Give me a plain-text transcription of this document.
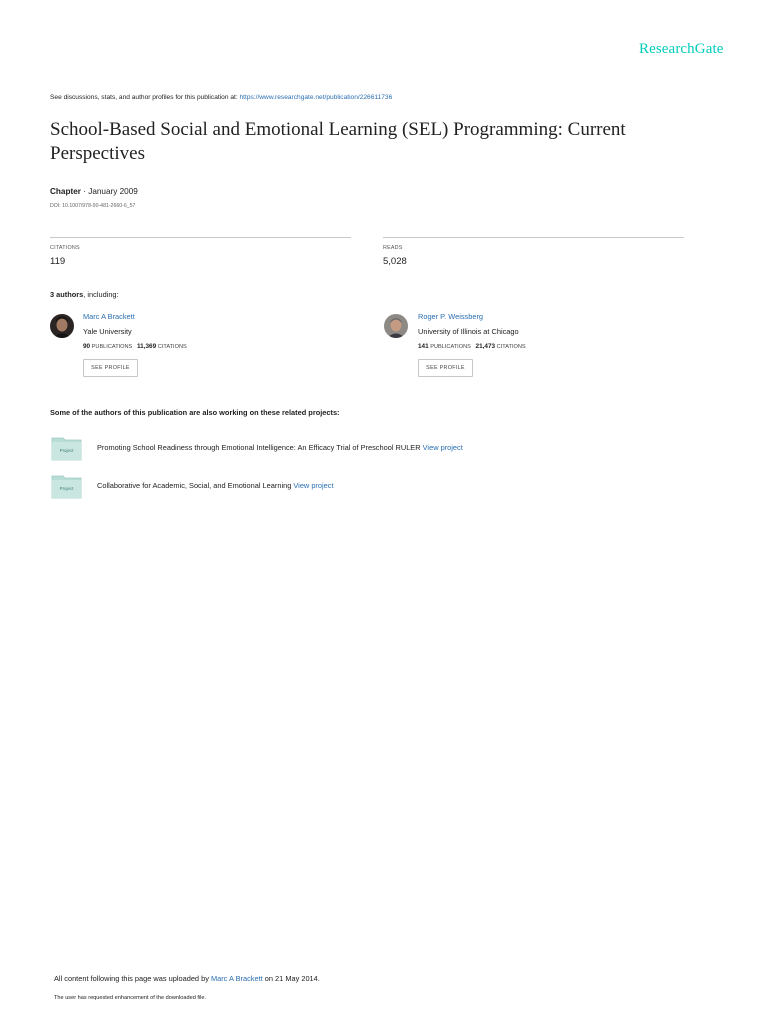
ResearchGate
See discussions, stats, and author profiles for this publication at: https://www.researchgate.net/publication/226611736
School-Based Social and Emotional Learning (SEL) Programming: Current Perspectives
Chapter · January 2009
DOI: 10.1007/978-90-481-2660-6_57
CITATIONS
119
READS
5,028
3 authors, including:
Marc A Brackett
Yale University
90 PUBLICATIONS 11,369 CITATIONS
SEE PROFILE
Roger P. Weissberg
University of Illinois at Chicago
141 PUBLICATIONS 21,473 CITATIONS
SEE PROFILE
Some of the authors of this publication are also working on these related projects:
Project	Promoting School Readiness through Emotional Intelligence: An Efficacy Trial of Preschool RULER View project
Project	Collaborative for Academic, Social, and Emotional Learning View project
All content following this page was uploaded by Marc A Brackett on 21 May 2014.
The user has requested enhancement of the downloaded file.
